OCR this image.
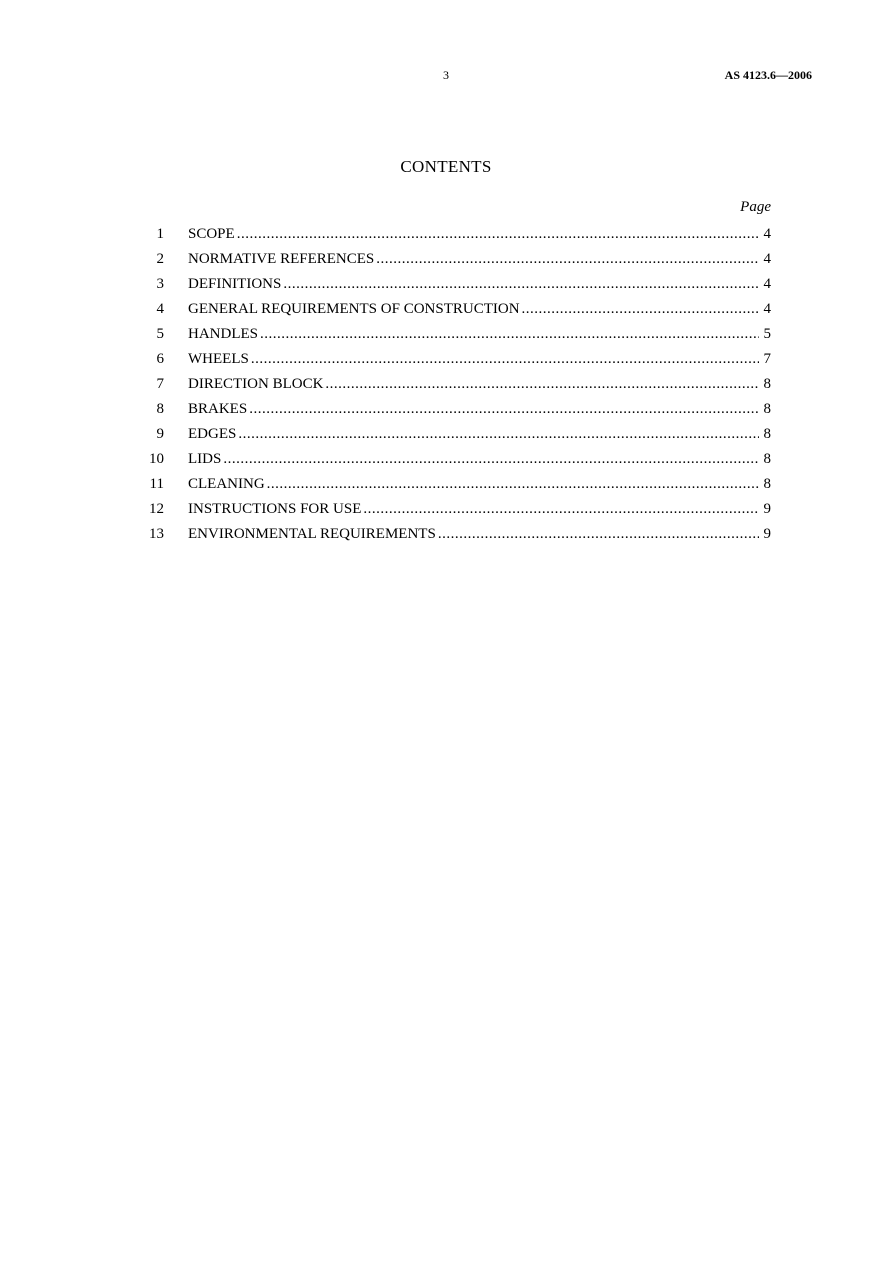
3	AS 4123.6—2006
CONTENTS
Page
1 SCOPE .....	4
2 NORMATIVE REFERENCES .....	4
3 DEFINITIONS .....	4
4 GENERAL REQUIREMENTS OF CONSTRUCTION .....	4
5 HANDLES .....	5
6 WHEELS .....	7
7 DIRECTION BLOCK .....	8
8 BRAKES .....	8
9 EDGES .....	8
10 LIDS .....	8
11 CLEANING .....	8
12 INSTRUCTIONS FOR USE .....	9
13 ENVIRONMENTAL REQUIREMENTS .....	9
